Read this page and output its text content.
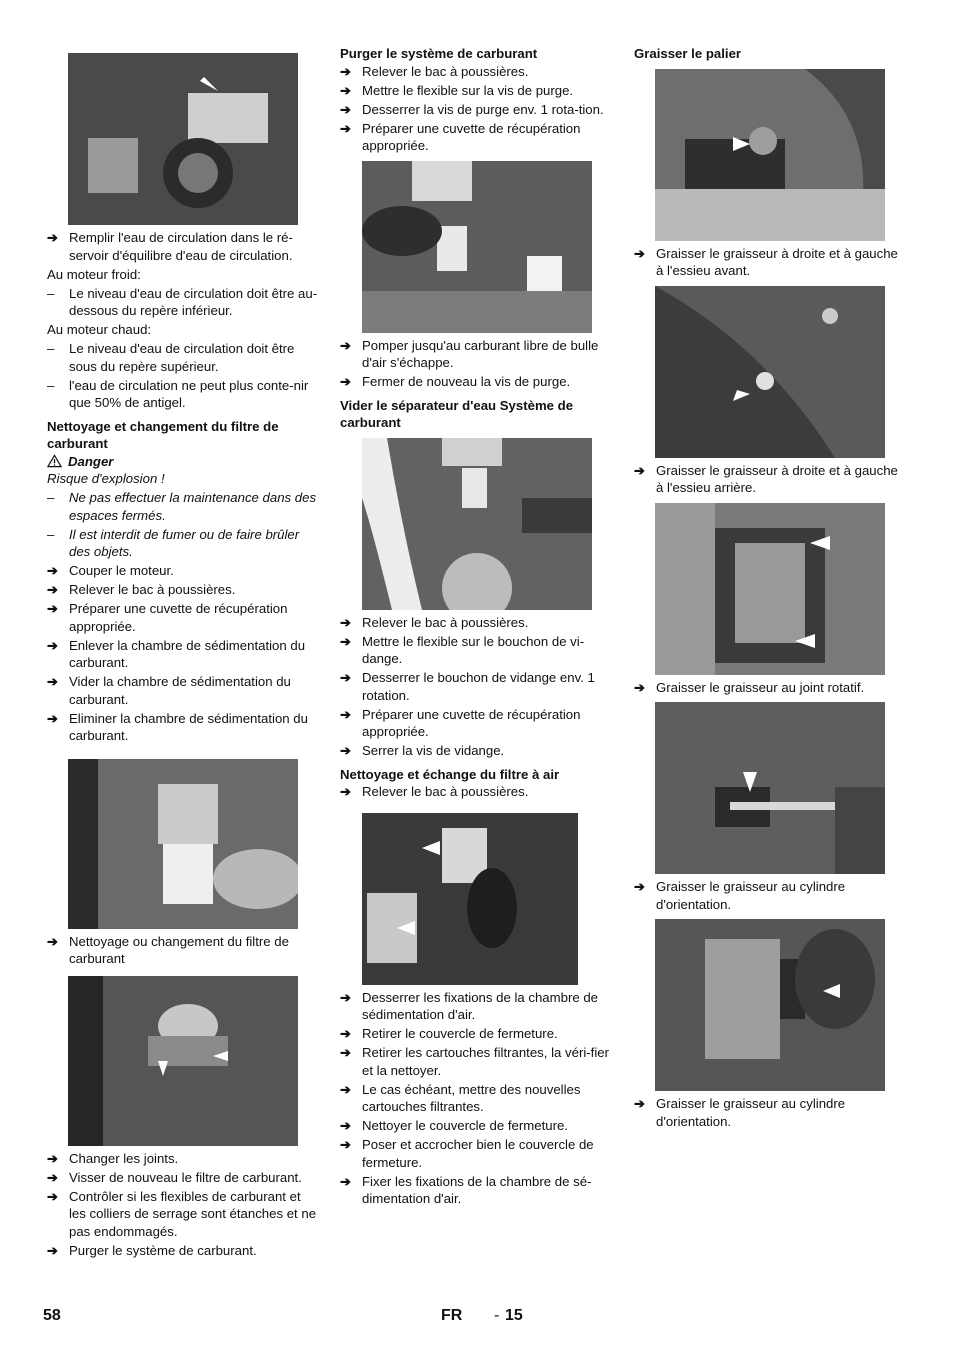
➔ Remplir l'eau de circulation dans le ré-servoir d'équilibre d'eau de circulation.
Au moteur froid:
– Le niveau d'eau de circulation doit être au-dessous du repère inférieur.
Au moteur chaud:
– Le niveau d'eau de circulation doit être sous du repère supérieur.
– l'eau de circulation ne peut plus conte-nir que 50% de antigel.
Nettoyage et changement du filtre de carburant
Danger
Risque d'explosion !
– Ne pas effectuer la maintenance dans des espaces fermés.
– Il est interdit de fumer ou de faire brûler des objets.
➔ Couper le moteur.
➔ Relever le bac à poussières.
➔ Préparer une cuvette de récupération appropriée.
➔ Enlever la chambre de sédimentation du carburant.
➔ Vider la chambre de sédimentation du carburant.
➔ Eliminer la chambre de sédimentation du carburant.
➔ Nettoyage ou changement du filtre de carburant
➔ Changer les joints.
➔ Visser de nouveau le filtre de carburant.
➔ Contrôler si les flexibles de carburant et les colliers de serrage sont étanches et ne pas endommagés.
➔ Purger le système de carburant.
Purger le système de carburant
➔ Relever le bac à poussières.
➔ Mettre le flexible sur la vis de purge.
➔ Desserrer la vis de purge env. 1 rota-tion.
➔ Préparer une cuvette de récupération appropriée.
➔ Pomper jusqu'au carburant libre de bulle d'air s'échappe.
➔ Fermer de nouveau la vis de purge.
Vider le séparateur d'eau Système de carburant
➔ Relever le bac à poussières.
➔ Mettre le flexible sur le bouchon de vi-dange.
➔ Desserrer le bouchon de vidange env. 1 rotation.
➔ Préparer une cuvette de récupération appropriée.
➔ Serrer la vis de vidange.
Nettoyage et échange du filtre à air
➔ Relever le bac à poussières.
➔ Desserrer les fixations de la chambre de sédimentation d'air.
➔ Retirer le couvercle de fermeture.
➔ Retirer les cartouches filtrantes, la véri-fier et la nettoyer.
➔ Le cas échéant, mettre des nouvelles cartouches filtrantes.
➔ Nettoyer le couvercle de fermeture.
➔ Poser et accrocher bien le couvercle de fermeture.
➔ Fixer les fixations de la chambre de sé-dimentation d'air.
Graisser le palier
➔ Graisser le graisseur à droite et à gauche à l'essieu avant.
➔ Graisser le graisseur à droite et à gauche à l'essieu arrière.
➔ Graisser le graisseur au joint rotatif.
➔ Graisser le graisseur au cylindre d'orientation.
➔ Graisser le graisseur au cylindre d'orientation.
58	FR - 15
